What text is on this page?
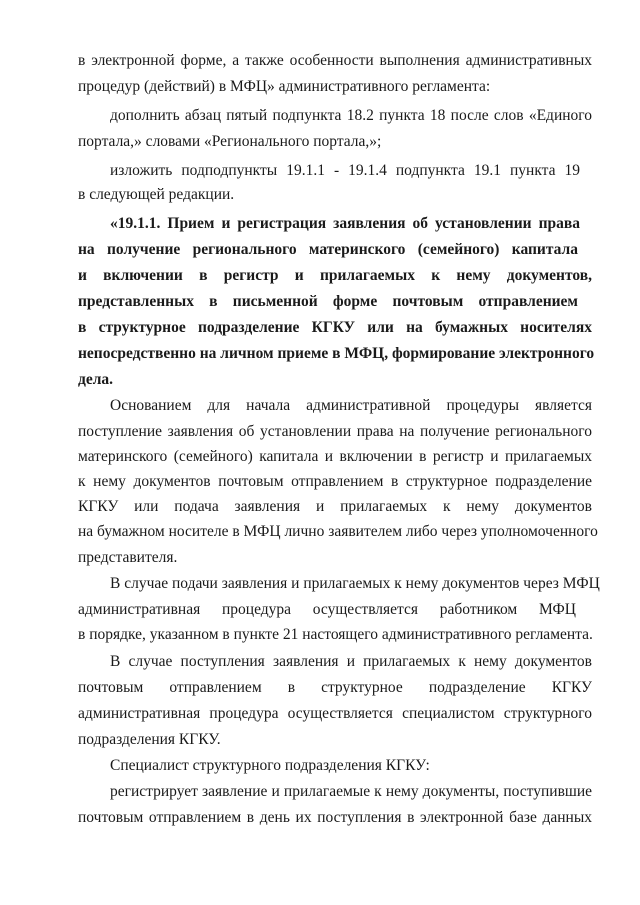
в электронной форме, а также особенности выполнения административных
процедур (действий) в МФЦ» административного регламента:
дополнить абзац пятый подпункта 18.2 пункта 18 после слов «Единого
портала,» словами «Регионального портала,»;
изложить подподпункты 19.1.1 - 19.1.4 подпункта 19.1 пункта 19
в следующей редакции.
«19.1.1. Прием и регистрация заявления об установлении права
на получение регионального материнского (семейного) капитала
и включении в регистр и прилагаемых к нему документов,
представленных в письменной форме почтовым отправлением
в структурное подразделение КГКУ или на бумажных носителях
непосредственно на личном приеме в МФЦ, формирование электронного
дела.
Основанием для начала административной процедуры является
поступление заявления об установлении права на получение регионального
материнского (семейного) капитала и включении в регистр и прилагаемых
к нему документов почтовым отправлением в структурное подразделение
КГКУ или подача заявления и прилагаемых к нему документов
на бумажном носителе в МФЦ лично заявителем либо через уполномоченного
представителя.
В случае подачи заявления и прилагаемых к нему документов через МФЦ
административная процедура осуществляется работником МФЦ
в порядке, указанном в пункте 21 настоящего административного регламента.
В случае поступления заявления и прилагаемых к нему документов
почтовым отправлением в структурное подразделение КГКУ
административная процедура осуществляется специалистом структурного
подразделения КГКУ.
Специалист структурного подразделения КГКУ:
регистрирует заявление и прилагаемые к нему документы, поступившие
почтовым отправлением в день их поступления в электронной базе данных
